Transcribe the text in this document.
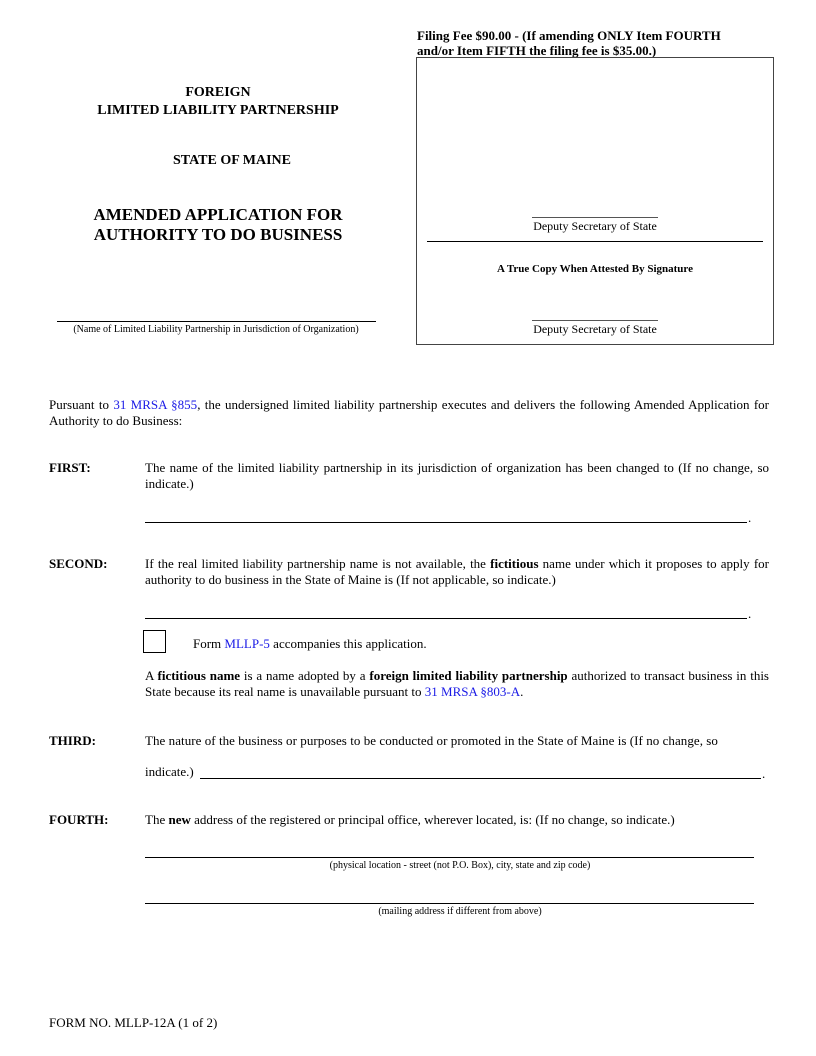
Filing Fee $90.00 - (If amending ONLY Item FOURTH
and/or Item FIFTH the filing fee is $35.00.)
FOREIGN
LIMITED LIABILITY PARTNERSHIP
STATE OF MAINE
AMENDED APPLICATION FOR
AUTHORITY TO DO BUSINESS
(Name of Limited Liability Partnership in Jurisdiction of Organization)
Deputy Secretary of State
A True Copy When Attested By Signature
Deputy Secretary of State
Pursuant to 31 MRSA §855, the undersigned limited liability partnership executes and delivers the following Amended Application for Authority to do Business:
FIRST:	The name of the limited liability partnership in its jurisdiction of organization has been changed to (If no change, so indicate.)
.
SECOND:	If the real limited liability partnership name is not available, the fictitious name under which it proposes to apply for authority to do business in the State of Maine is (If not applicable, so indicate.)
.
Form MLLP-5 accompanies this application.
A fictitious name is a name adopted by a foreign limited liability partnership authorized to transact business in this State because its real name is unavailable pursuant to 31 MRSA §803-A.
THIRD:	The nature of the business or purposes to be conducted or promoted in the State of Maine is (If no change, so
indicate.)	.
FOURTH:	The new address of the registered or principal office, wherever located, is: (If no change, so indicate.)
(physical location - street (not P.O. Box), city, state and zip code)
(mailing address if different from above)
FORM NO. MLLP-12A (1 of 2)
